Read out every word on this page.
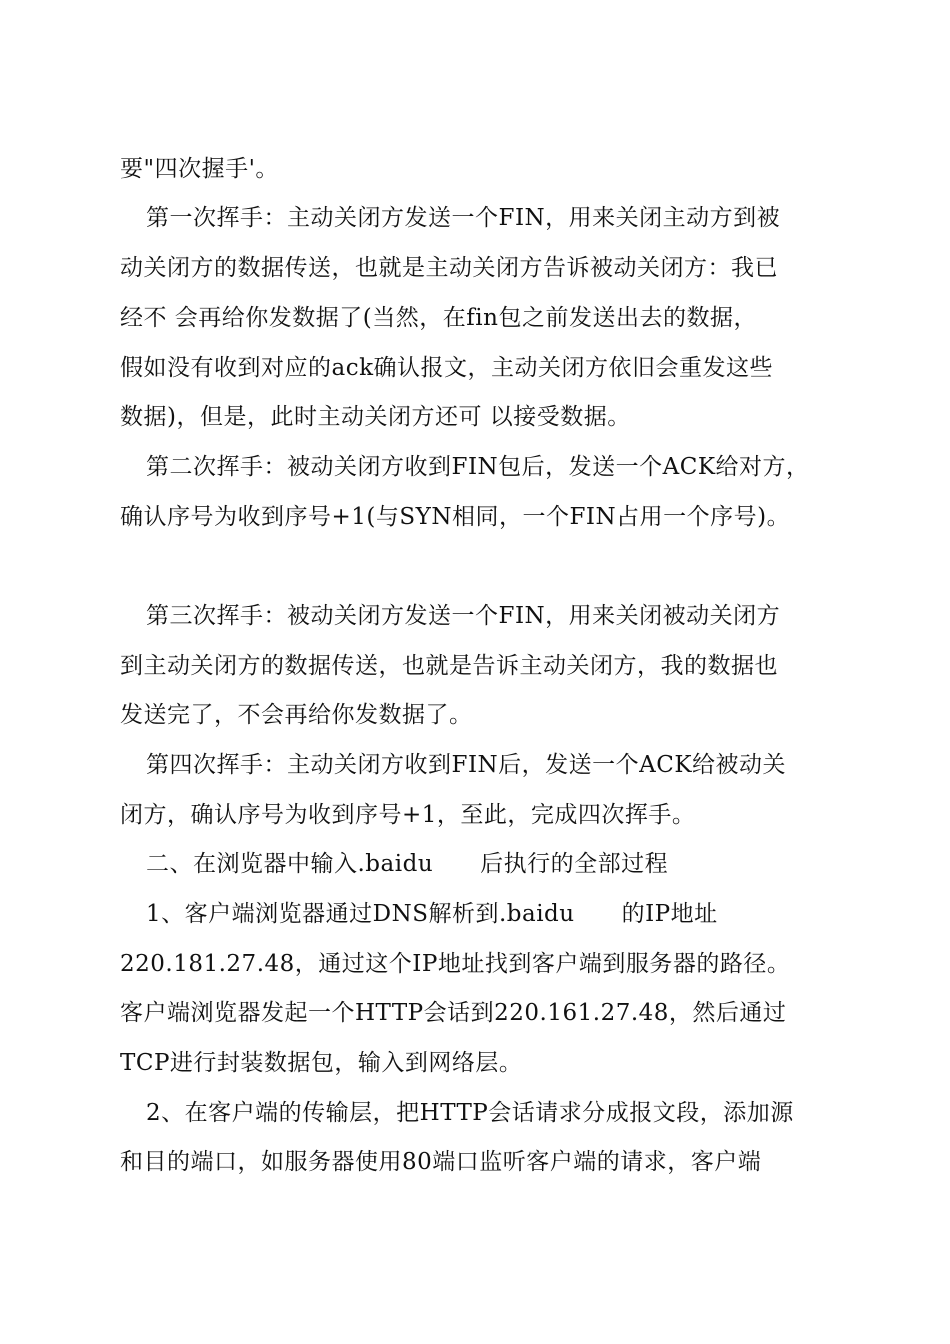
要"四次握手'。
第一次挥手：主动关闭方发送一个FIN，用来关闭主动方到被
动关闭方的数据传送，也就是主动关闭方告诉被动关闭方：我已
经不 会再给你发数据了(当然，在fin包之前发送出去的数据，
假如没有收到对应的ack确认报文，主动关闭方依旧会重发这些
数据)，但是，此时主动关闭方还可 以接受数据。
第二次挥手：被动关闭方收到FIN包后，发送一个ACK给对方，
确认序号为收到序号+1(与SYN相同，一个FIN占用一个序号)。
第三次挥手：被动关闭方发送一个FIN，用来关闭被动关闭方
到主动关闭方的数据传送，也就是告诉主动关闭方，我的数据也
发送完了，不会再给你发数据了。
第四次挥手：主动关闭方收到FIN后，发送一个ACK给被动关
闭方，确认序号为收到序号+1，至此，完成四次挥手。
二、在浏览器中输入.baidu　　后执行的全部过程
1、客户端浏览器通过DNS解析到.baidu　　的IP地址
220.181.27.48，通过这个IP地址找到客户端到服务器的路径。
客户端浏览器发起一个HTTP会话到220.161.27.48，然后通过
TCP进行封装数据包，输入到网络层。
2、在客户端的传输层，把HTTP会话请求分成报文段，添加源
和目的端口，如服务器使用80端口监听客户端的请求，客户端
